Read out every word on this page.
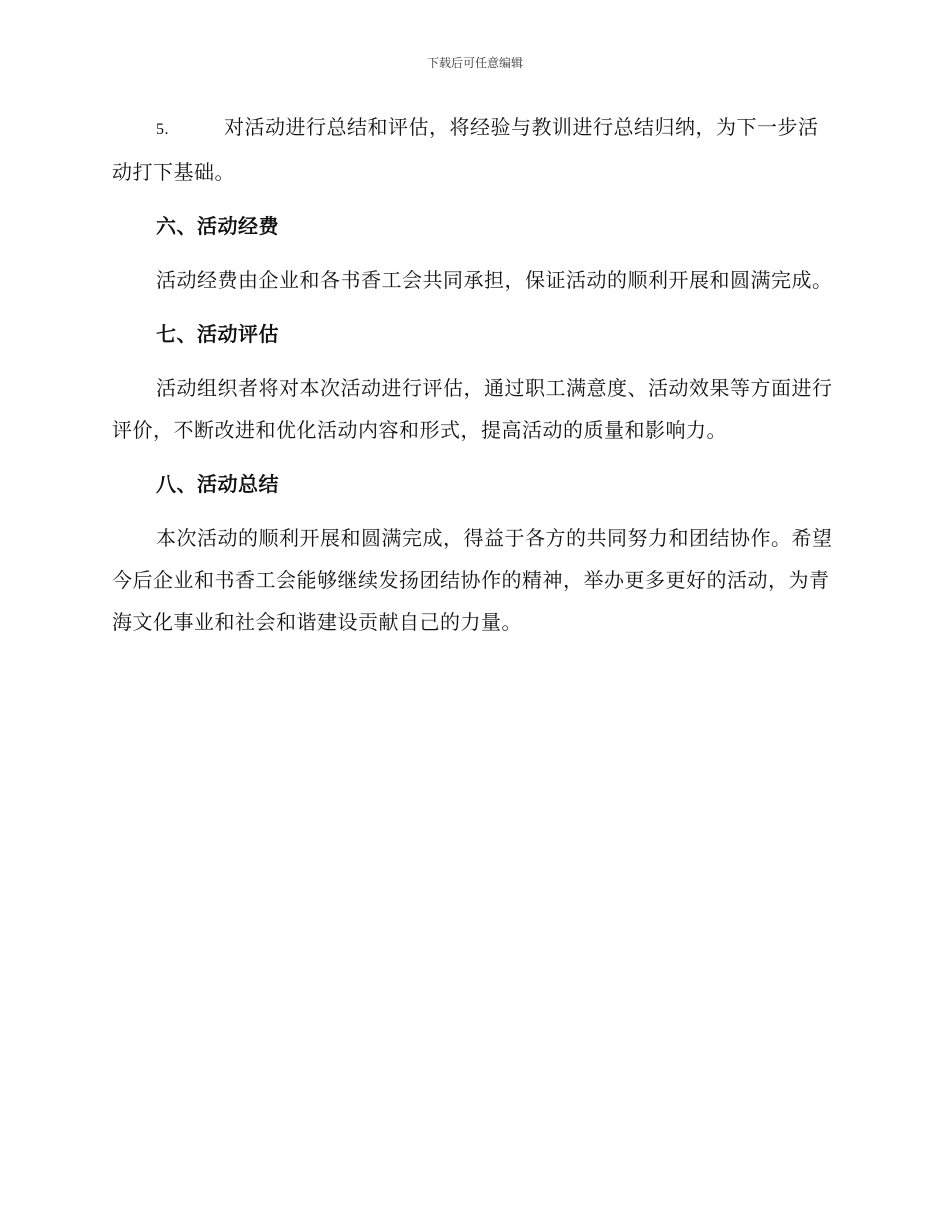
下载后可任意编辑

5.	对活动进行总结和评估，将经验与教训进行总结归纳，为下一步活动打下基础。

六、活动经费

活动经费由企业和各书香工会共同承担，保证活动的顺利开展和圆满完成。

七、活动评估

活动组织者将对本次活动进行评估，通过职工满意度、活动效果等方面进行评价，不断改进和优化活动内容和形式，提高活动的质量和影响力。

八、活动总结

本次活动的顺利开展和圆满完成，得益于各方的共同努力和团结协作。希望今后企业和书香工会能够继续发扬团结协作的精神，举办更多更好的活动，为青海文化事业和社会和谐建设贡献自己的力量。
